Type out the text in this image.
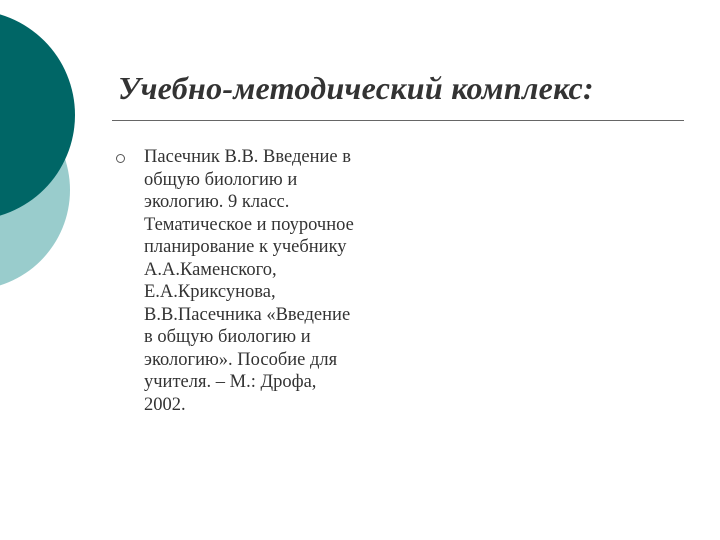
Учебно-методический комплекс:
Пасечник В.В. Введение в
общую биологию и
экологию. 9 класс.
Тематическое и поурочное
планирование к учебнику
А.А.Каменского,
Е.А.Криксунова,
В.В.Пасечника «Введение
в общую биологию и
экологию». Пособие для
учителя. – М.: Дрофа,
2002.
